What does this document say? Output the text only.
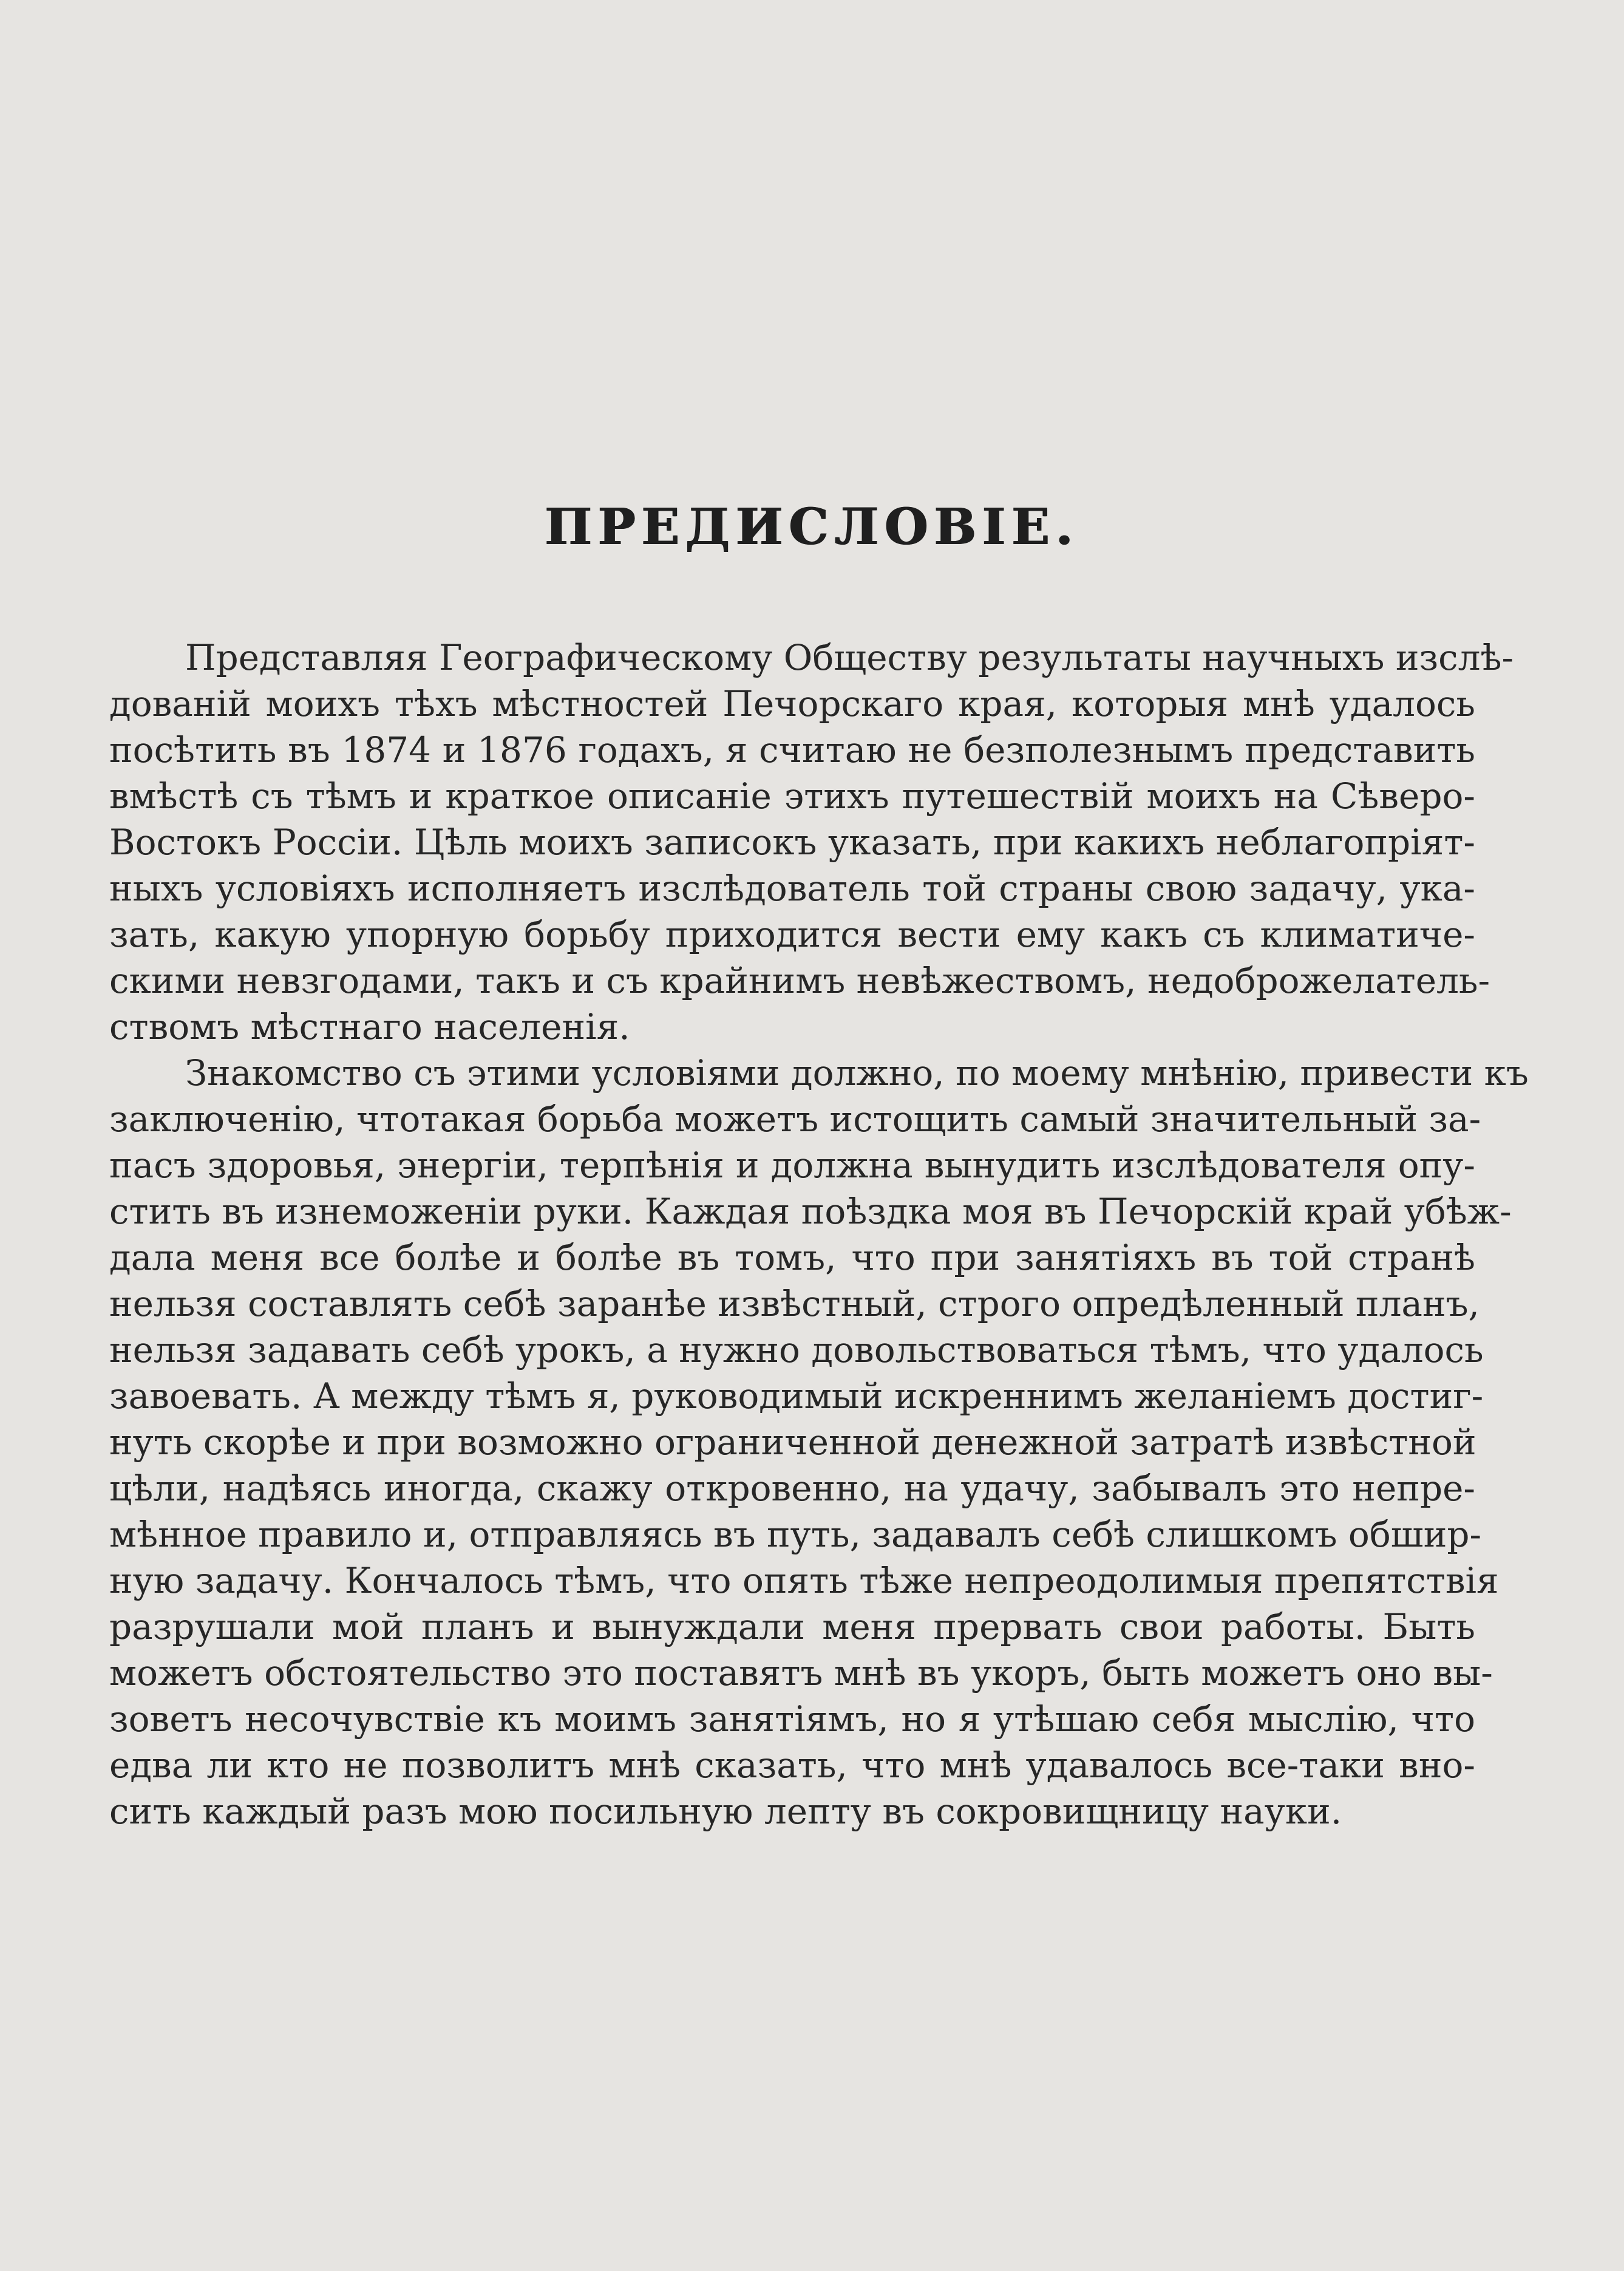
ПРЕДИСЛОВІЕ.
Представляя Географическому Обществу результаты научныхъ изслѣ-
дованій моихъ тѣхъ мѣстностей Печорскаго края, которыя мнѣ удалось
посѣтить въ 1874 и 1876 годахъ, я считаю не безполезнымъ представить
вмѣстѣ съ тѣмъ и краткое описаніе этихъ путешествій моихъ на Сѣверо-
Востокъ Россіи. Цѣль моихъ записокъ указать, при какихъ неблагопріят-
ныхъ условіяхъ исполняетъ изслѣдователь той страны свою задачу, ука-
зать, какую упорную борьбу приходится вести ему какъ съ климатиче-
скими невзгодами, такъ и съ крайнимъ невѣжествомъ, недоброжелатель-
ствомъ мѣстнаго населенія.
Знакомство съ этими условіями должно, по моему мнѣнію, привести къ
заключенію, чтотакая борьба можетъ истощить самый значительный за-
пасъ здоровья, энергіи, терпѣнія и должна вынудить изслѣдователя опу-
стить въ изнеможеніи руки. Каждая поѣздка моя въ Печорскій край убѣж-
дала меня все болѣе и болѣе въ томъ, что при занятіяхъ въ той странѣ
нельзя составлять себѣ заранѣе извѣстный, строго опредѣленный планъ,
нельзя задавать себѣ урокъ, а нужно довольствоваться тѣмъ, что удалось
завоевать. А между тѣмъ я, руководимый искреннимъ желаніемъ достиг-
нуть скорѣе и при возможно ограниченной денежной затратѣ извѣстной
цѣли, надѣясь иногда, скажу откровенно, на удачу, забывалъ это непре-
мѣнное правило и, отправляясь въ путь, задавалъ себѣ слишкомъ обшир-
ную задачу. Кончалось тѣмъ, что опять тѣже непреодолимыя препятствія
разрушали мой планъ и вынуждали меня прервать свои работы. Быть
можетъ обстоятельство это поставятъ мнѣ въ укоръ, быть можетъ оно вы-
зоветъ несочувствіе къ моимъ занятіямъ, но я утѣшаю себя мыслію, что
едва ли кто не позволитъ мнѣ сказать, что мнѣ удавалось все-таки вно-
сить каждый разъ мою посильную лепту въ сокровищницу науки.
